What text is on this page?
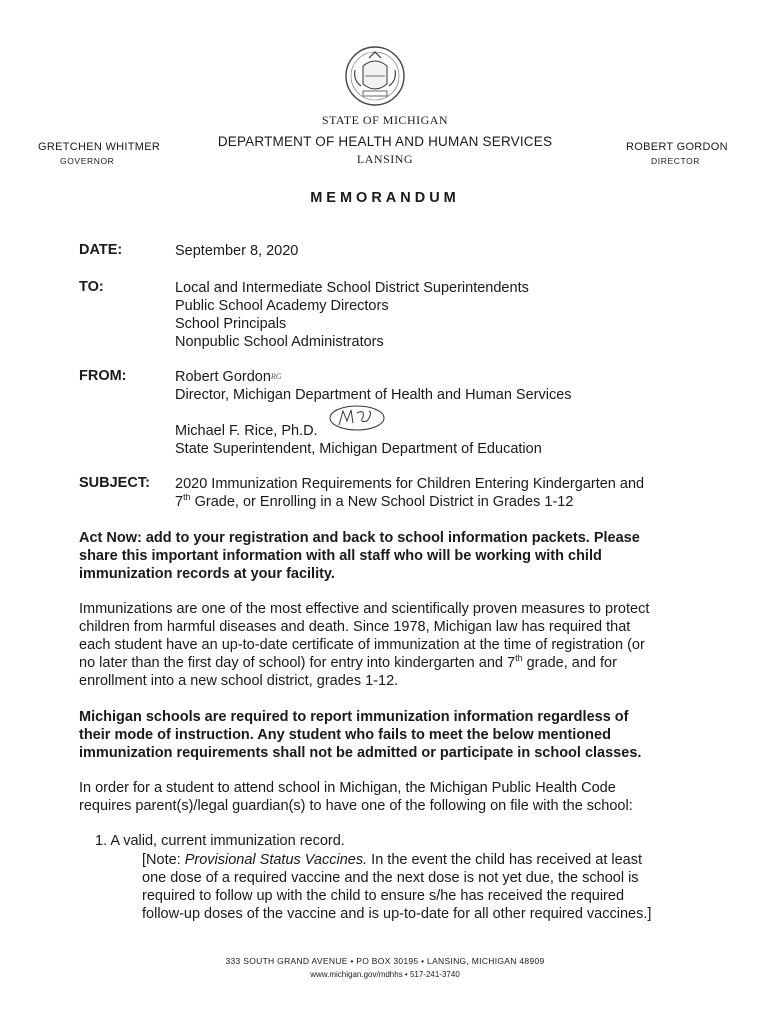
STATE OF MICHIGAN
DEPARTMENT OF HEALTH AND HUMAN SERVICES
LANSING
GRETCHEN WHITMER
GOVERNOR
ROBERT GORDON
DIRECTOR
MEMORANDUM
DATE:	September 8, 2020
TO:	Local and Intermediate School District Superintendents
Public School Academy Directors
School Principals
Nonpublic School Administrators
FROM:	Robert Gordon$^{RG}$
Director, Michigan Department of Health and Human Services
Michael F. Rice, Ph.D.
State Superintendent, Michigan Department of Education
SUBJECT: 2020 Immunization Requirements for Children Entering Kindergarten and
7th Grade, or Enrolling in a New School District in Grades 1-12
Act Now: add to your registration and back to school information packets. Please
share this important information with all staff who will be working with child
immunization records at your facility.
Immunizations are one of the most effective and scientifically proven measures to protect
children from harmful diseases and death. Since 1978, Michigan law has required that
each student have an up-to-date certificate of immunization at the time of registration (or
no later than the first day of school) for entry into kindergarten and 7th grade, and for
enrollment into a new school district, grades 1-12.
Michigan schools are required to report immunization information regardless of
their mode of instruction. Any student who fails to meet the below mentioned
immunization requirements shall not be admitted or participate in school classes.
In order for a student to attend school in Michigan, the Michigan Public Health Code
requires parent(s)/legal guardian(s) to have one of the following on file with the school:
1. A valid, current immunization record.
[Note: Provisional Status Vaccines. In the event the child has received at least
one dose of a required vaccine and the next dose is not yet due, the school is
required to follow up with the child to ensure s/he has received the required
follow-up doses of the vaccine and is up-to-date for all other required vaccines.]
333 SOUTH GRAND AVENUE • PO BOX 30195 • LANSING, MICHIGAN 48909
www.michigan.gov/mdhhs • 517-241-3740
